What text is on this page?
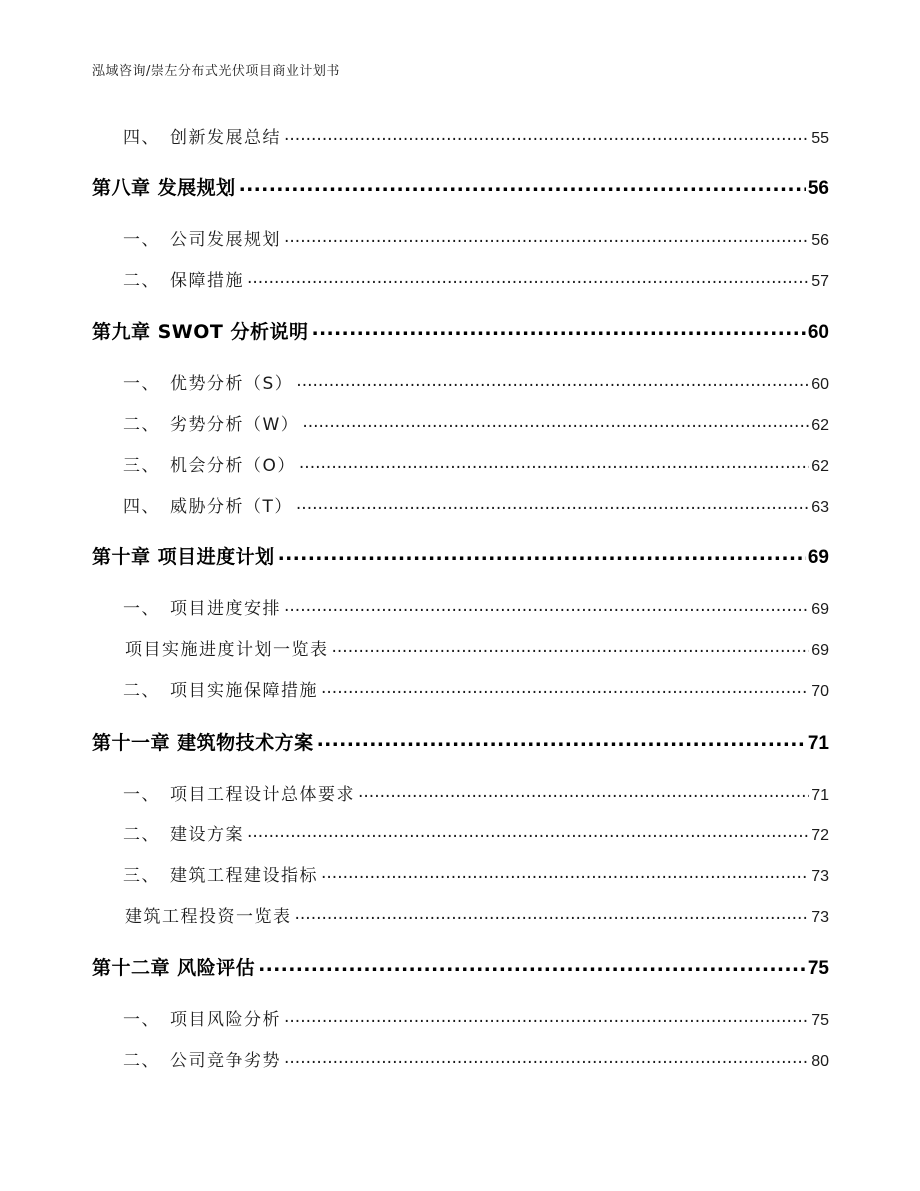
泓域咨询/崇左分布式光伏项目商业计划书
四、 创新发展总结 .....	55
第八章 发展规划 .....	56
一、 公司发展规划 .....	56
二、 保障措施 .....	57
第九章 SWOT 分析说明 .....	60
一、 优势分析（S） .....	60
二、 劣势分析（W） .....	62
三、 机会分析（O） .....	62
四、 威胁分析（T） .....	63
第十章 项目进度计划 .....	69
一、 项目进度安排 .....	69
项目实施进度计划一览表 .....	69
二、 项目实施保障措施 .....	70
第十一章 建筑物技术方案 .....	71
一、 项目工程设计总体要求 .....	71
二、 建设方案 .....	72
三、 建筑工程建设指标 .....	73
建筑工程投资一览表 .....	73
第十二章 风险评估 .....	75
一、 项目风险分析 .....	75
二、 公司竞争劣势 .....	80
